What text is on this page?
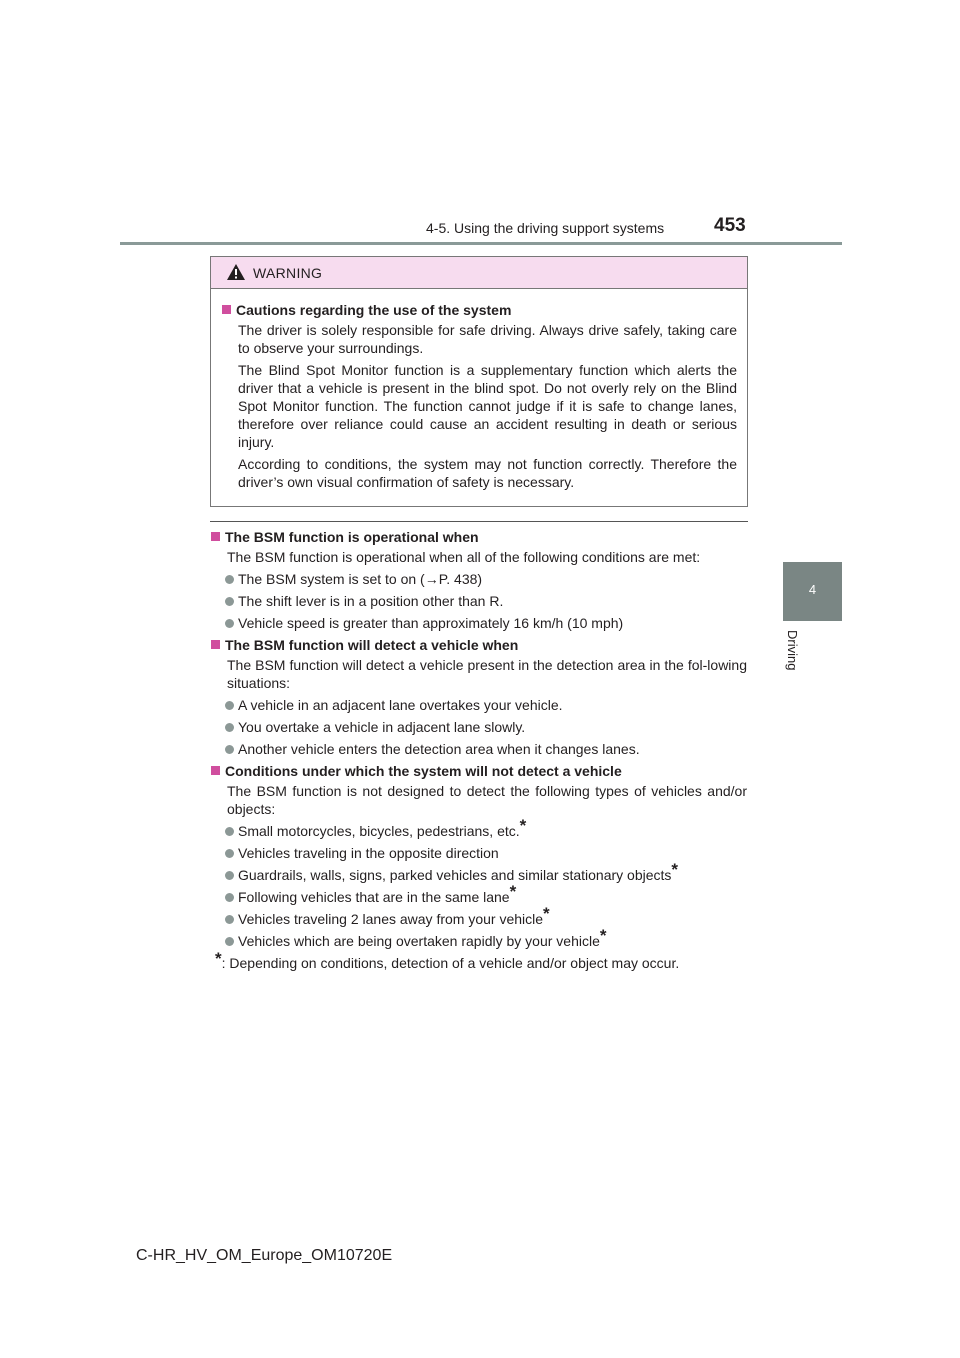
4-5. Using the driving support systems	453
4
Driving
WARNING

Cautions regarding the use of the system

The driver is solely responsible for safe driving. Always drive safely, taking care to observe your surroundings.

The Blind Spot Monitor function is a supplementary function which alerts the driver that a vehicle is present in the blind spot. Do not overly rely on the Blind Spot Monitor function. The function cannot judge if it is safe to change lanes, therefore over reliance could cause an accident resulting in death or serious injury.

According to conditions, the system may not function correctly. Therefore the driver’s own visual confirmation of safety is necessary.

The BSM function is operational when

The BSM function is operational when all of the following conditions are met:

The BSM system is set to on (→P. 438)

The shift lever is in a position other than R.

Vehicle speed is greater than approximately 16 km/h (10 mph)

The BSM function will detect a vehicle when

The BSM function will detect a vehicle present in the detection area in the fol-lowing situations:

A vehicle in an adjacent lane overtakes your vehicle.

You overtake a vehicle in adjacent lane slowly.

Another vehicle enters the detection area when it changes lanes.

Conditions under which the system will not detect a vehicle

The BSM function is not designed to detect the following types of vehicles and/or objects:

Small motorcycles, bicycles, pedestrians, etc.*

Vehicles traveling in the opposite direction

Guardrails, walls, signs, parked vehicles and similar stationary objects*

Following vehicles that are in the same lane*

Vehicles traveling 2 lanes away from your vehicle*

Vehicles which are being overtaken rapidly by your vehicle*

*: Depending on conditions, detection of a vehicle and/or object may occur.

C-HR_HV_OM_Europe_OM10720E
